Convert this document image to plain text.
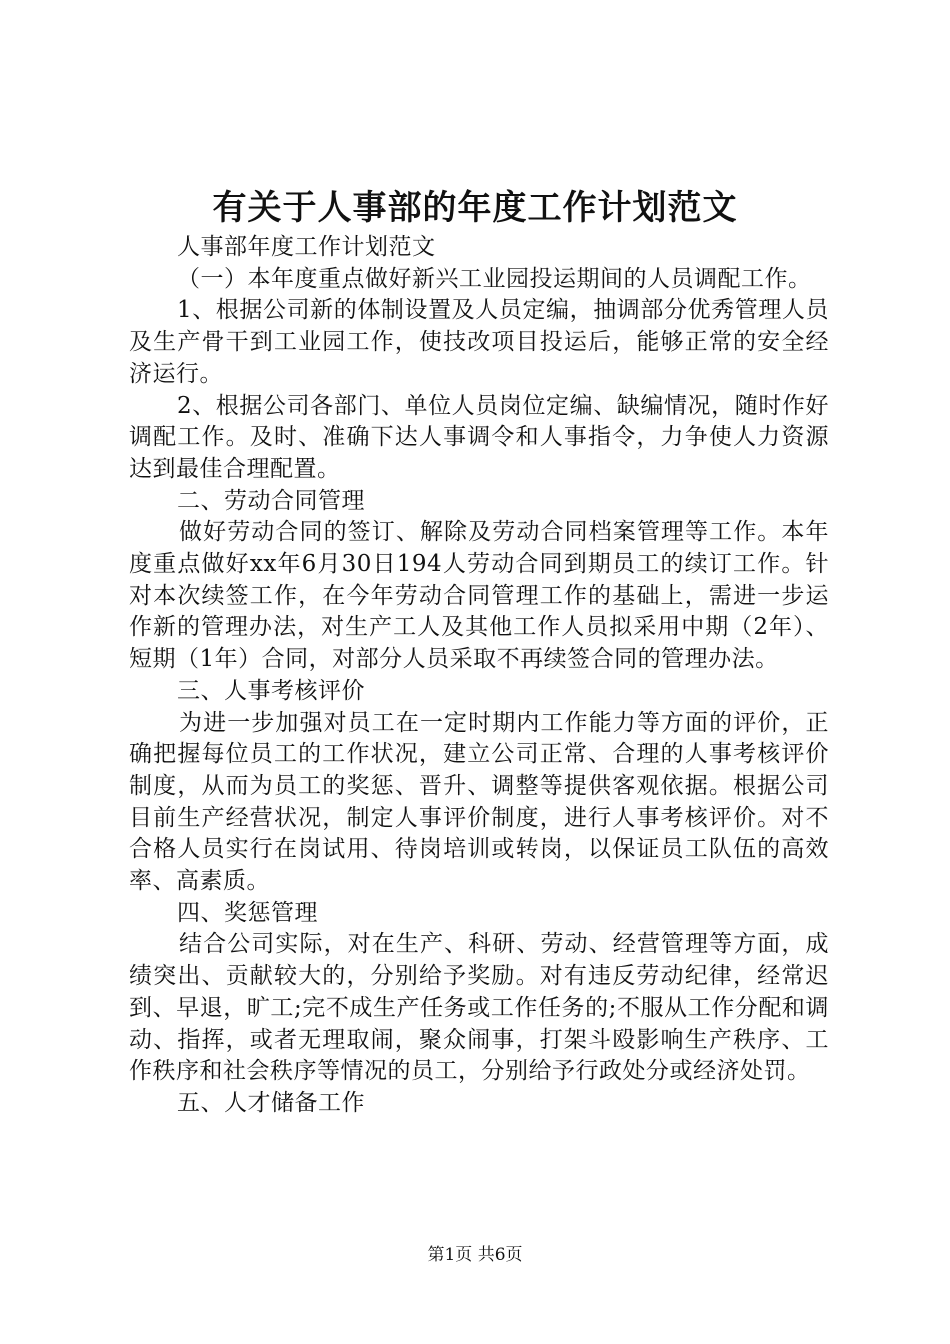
有关于人事部的年度工作计划范文

人事部年度工作计划范文

（一）本年度重点做好新兴工业园投运期间的人员调配工作。

1、根据公司新的体制设置及人员定编，抽调部分优秀管理人员及生产骨干到工业园工作，使技改项目投运后，能够正常的安全经济运行。

2、根据公司各部门、单位人员岗位定编、缺编情况，随时作好调配工作。及时、准确下达人事调令和人事指令，力争使人力资源达到最佳合理配置。

二、劳动合同管理

做好劳动合同的签订、解除及劳动合同档案管理等工作。本年度重点做好xx年6月30日194人劳动合同到期员工的续订工作。针对本次续签工作，在今年劳动合同管理工作的基础上，需进一步运作新的管理办法，对生产工人及其他工作人员拟采用中期（2年）、短期（1年）合同，对部分人员采取不再续签合同的管理办法。

三、人事考核评价

为进一步加强对员工在一定时期内工作能力等方面的评价，正确把握每位员工的工作状况，建立公司正常、合理的人事考核评价制度，从而为员工的奖惩、晋升、调整等提供客观依据。根据公司目前生产经营状况，制定人事评价制度，进行人事考核评价。对不合格人员实行在岗试用、待岗培训或转岗，以保证员工队伍的高效率、高素质。

四、奖惩管理

结合公司实际，对在生产、科研、劳动、经营管理等方面，成绩突出、贡献较大的，分别给予奖励。对有违反劳动纪律，经常迟到、早退，旷工;完不成生产任务或工作任务的;不服从工作分配和调动、指挥，或者无理取闹，聚众闹事，打架斗殴影响生产秩序、工作秩序和社会秩序等情况的员工，分别给予行政处分或经济处罚。

五、人才储备工作

第1页 共6页
